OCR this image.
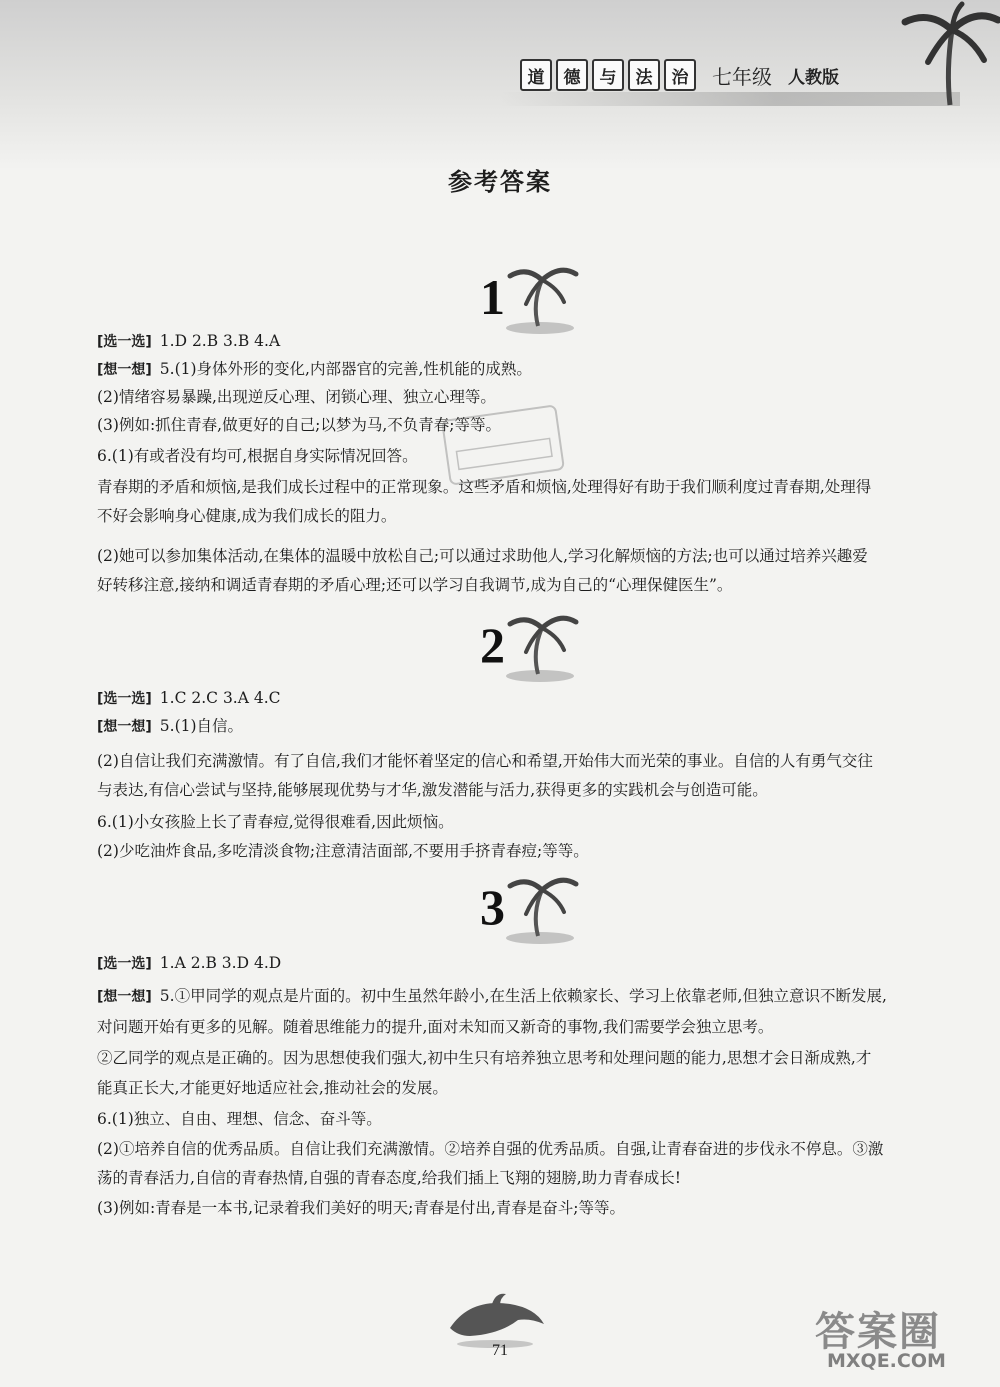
道	德	与	法	治	七年级 人教版
参考答案
1
[选一选] 1.D 2.B 3.B 4.A
[想一想] 5.(1)身体外形的变化,内部器官的完善,性机能的成熟。
(2)情绪容易暴躁,出现逆反心理、闭锁心理、独立心理等。
(3)例如:抓住青春,做更好的自己;以梦为马,不负青春;等等。
6.(1)有或者没有均可,根据自身实际情况回答。
青春期的矛盾和烦恼,是我们成长过程中的正常现象。这些矛盾和烦恼,处理得好有助于我们顺利度过青春期,处理得
不好会影响身心健康,成为我们成长的阻力。
(2)她可以参加集体活动,在集体的温暖中放松自己;可以通过求助他人,学习化解烦恼的方法;也可以通过培养兴趣爱
好转移注意,接纳和调适青春期的矛盾心理;还可以学习自我调节,成为自己的“心理保健医生”。
2
[选一选] 1.C 2.C 3.A 4.C
[想一想] 5.(1)自信。
(2)自信让我们充满激情。有了自信,我们才能怀着坚定的信心和希望,开始伟大而光荣的事业。自信的人有勇气交往
与表达,有信心尝试与坚持,能够展现优势与才华,激发潜能与活力,获得更多的实践机会与创造可能。
6.(1)小女孩脸上长了青春痘,觉得很难看,因此烦恼。
(2)少吃油炸食品,多吃清淡食物;注意清洁面部,不要用手挤青春痘;等等。
3
[选一选] 1.A 2.B 3.D 4.D
[想一想] 5.①甲同学的观点是片面的。初中生虽然年龄小,在生活上依赖家长、学习上依靠老师,但独立意识不断发展,
对问题开始有更多的见解。随着思维能力的提升,面对未知而又新奇的事物,我们需要学会独立思考。
②乙同学的观点是正确的。因为思想使我们强大,初中生只有培养独立思考和处理问题的能力,思想才会日渐成熟,才
能真正长大,才能更好地适应社会,推动社会的发展。
6.(1)独立、自由、理想、信念、奋斗等。
(2)①培养自信的优秀品质。自信让我们充满激情。②培养自强的优秀品质。自强,让青春奋进的步伐永不停息。③激
荡的青春活力,自信的青春热情,自强的青春态度,给我们插上飞翔的翅膀,助力青春成长!
(3)例如:青春是一本书,记录着我们美好的明天;青春是付出,青春是奋斗;等等。
71	答案圈
MXQE.COM
